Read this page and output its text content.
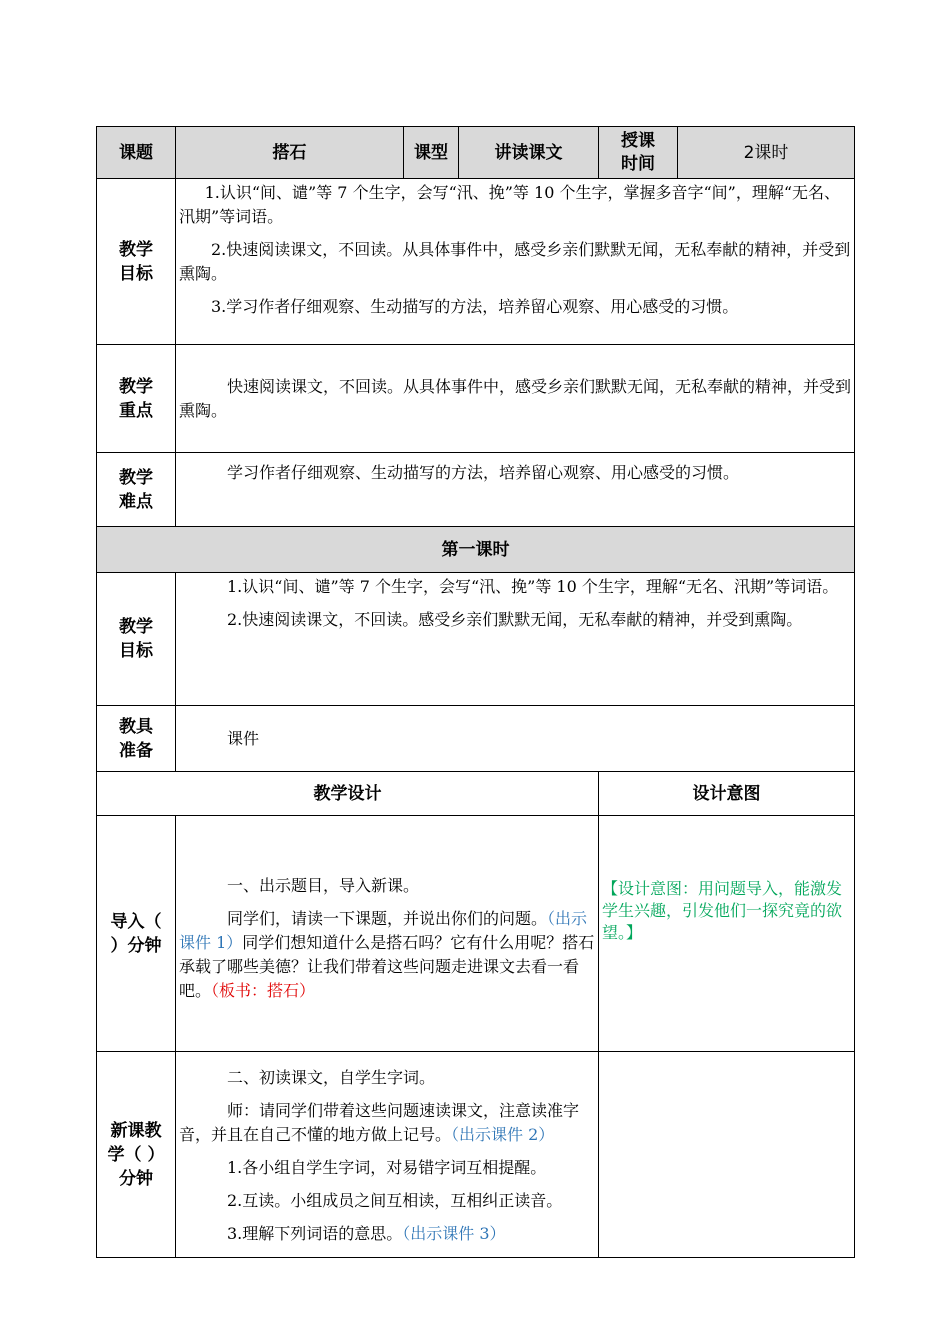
课题	搭石	课型	讲读课文	授课时间	2课时

教学目标	1.认识“间、谴”等 7 个生字，会写“汛、挽”等 10 个生字，掌握多音字“间”，理解“无名、汛期”等词语。

2.快速阅读课文，不回读。从具体事件中，感受乡亲们默默无闻，无私奉献的精神，并受到熏陶。

3.学习作者仔细观察、生动描写的方法，培养留心观察、用心感受的习惯。				

教学重点	快速阅读课文，不回读。从具体事件中，感受乡亲们默默无闻，无私奉献的精神，并受到熏陶。				

教学难点	学习作者仔细观察、生动描写的方法，培养留心观察、用心感受的习惯。				

第一课时					

教学目标	1.认识“间、谴”等 7 个生字，会写“汛、挽”等 10 个生字，理解“无名、汛期”等词语。

2.快速阅读课文，不回读。感受乡亲们默默无闻，无私奉献的精神，并受到熏陶。				

教具准备	课件				

教学设计				设计意图	

导入（ ）分钟	一、出示题目，导入新课。

同学们，请读一下课题，并说出你们的问题。（出示课件 1）同学们想知道什么是搭石吗？它有什么用呢？搭石承载了哪些美德？让我们带着这些问题走进课文去看一看吧。（板书：搭石）			【设计意图：用问题导入，能激发学生兴趣，引发他们一探究竟的欲望。】	

新课教学（ ）分钟	二、初读课文，自学生字词。

师：请同学们带着这些问题速读课文，注意读准字音，并且在自己不懂的地方做上记号。（出示课件 2）

1.各小组自学生字词，对易错字词互相提醒。

2.互读。小组成员之间互相读，互相纠正读音。

3.理解下列词语的意思。（出示课件 3）				
